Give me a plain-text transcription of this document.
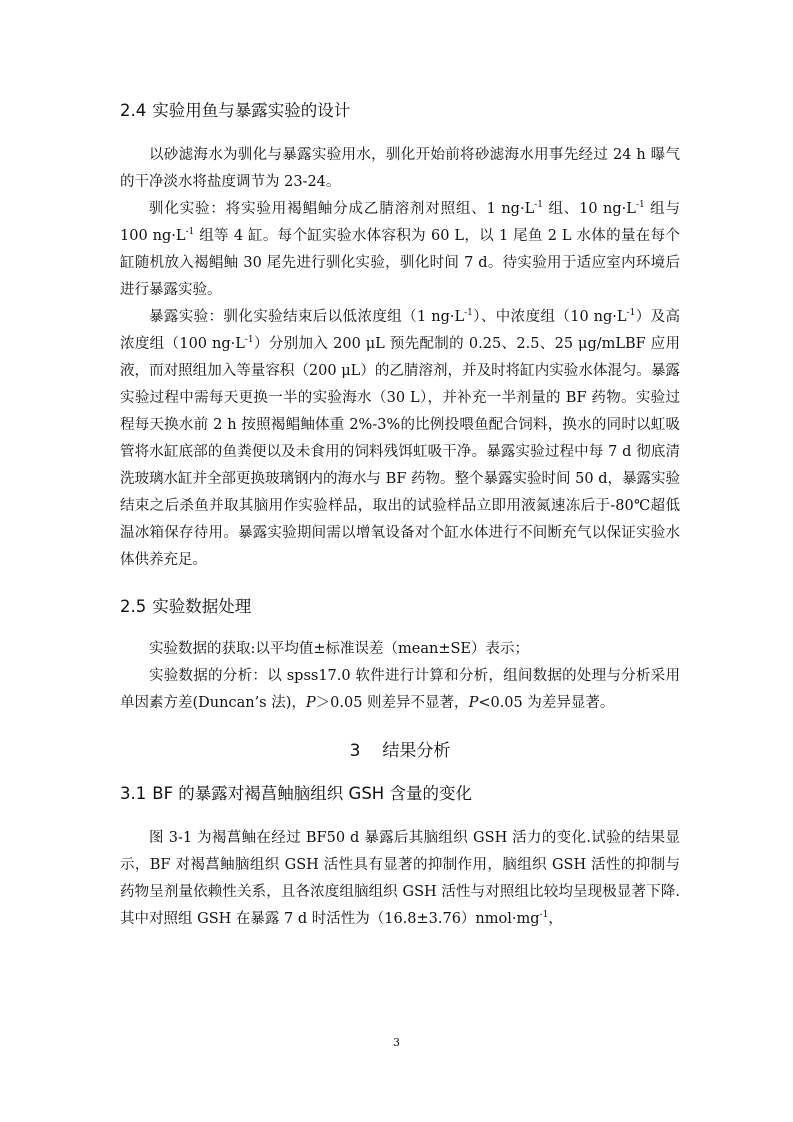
2.4 实验用鱼与暴露实验的设计

以砂滤海水为驯化与暴露实验用水，驯化开始前将砂滤海水用事先经过 24 h 曝气的干净淡水将盐度调节为 23-24。

驯化实验：将实验用褐鲳鲉分成乙腈溶剂对照组、1 $ng\cdot L^{-1}$ 组、10 $ng\cdot L^{-1}$ 组与 100 $ng\cdot L^{-1}$ 组等 4 缸。每个缸实验水体容积为 60 L，以 1 尾鱼 2 L 水体的量在每个缸随机放入褐鲳鲉 30 尾先进行驯化实验，驯化时间 7 d。待实验用于适应室内环境后进行暴露实验。

暴露实验：驯化实验结束后以低浓度组（1 $ng\cdot L^{-1}$）、中浓度组（10 $ng\cdot L^{-1}$）及高浓度组（100 $ng\cdot L^{-1}$）分别加入 200 μL 预先配制的 0.25、2.5、25 μg/mLBF 应用液，而对照组加入等量容积（200 μL）的乙腈溶剂，并及时将缸内实验水体混匀。暴露实验过程中需每天更换一半的实验海水（30 L），并补充一半剂量的 BF 药物。实验过程每天换水前 2 h 按照褐鲳鲉体重 2%-3%的比例投喂鱼配合饲料，换水的同时以虹吸管将水缸底部的鱼粪便以及未食用的饲料残饵虹吸干净。暴露实验过程中每 7 d 彻底清洗玻璃水缸并全部更换玻璃钢内的海水与 BF 药物。整个暴露实验时间 50 d，暴露实验结束之后杀鱼并取其脑用作实验样品，取出的试验样品立即用液氮速冻后于-80℃超低温冰箱保存待用。暴露实验期间需以增氧设备对个缸水体进行不间断充气以保证实验水体供养充足。

2.5 实验数据处理

实验数据的获取:以平均值±标准误差（mean±SE）表示；

实验数据的分析：以 spss17.0 软件进行计算和分析，组间数据的处理与分析采用单因素方差(Duncan’s 法)，P＞0.05 则差异不显著，P<0.05 为差异显著。

3 结果分析
3.1 BF 的暴露对褐菖鲉脑组织 GSH 含量的变化

图 3-1 为褐菖鲉在经过 BF50 d 暴露后其脑组织 GSH 活力的变化.试验的结果显示，BF 对褐菖鲉脑组织 GSH 活性具有显著的抑制作用，脑组织 GSH 活性的抑制与药物呈剂量依赖性关系，且各浓度组脑组织 GSH 活性与对照组比较均呈现极显著下降.其中对照组 GSH 在暴露 7 d 时活性为$(16.8\pm 3.76)nmol\cdot mg^{-1}$，

3
